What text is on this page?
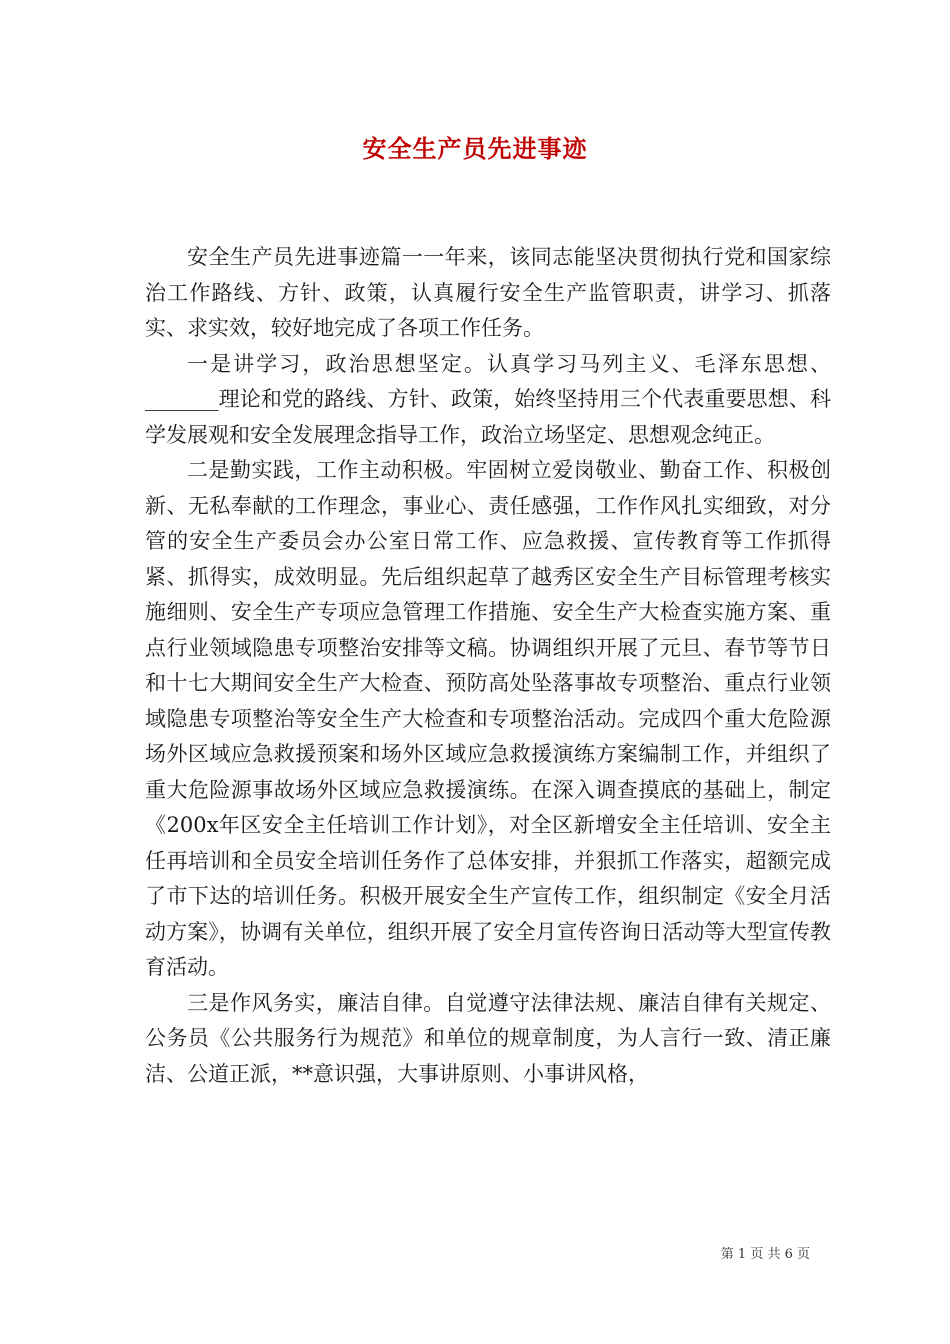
安全生产员先进事迹

安全生产员先进事迹篇一一年来，该同志能坚决贯彻执行党和国家综治工作路线、方针、政策，认真履行安全生产监管职责，讲学习、抓落实、求实效，较好地完成了各项工作任务。

一是讲学习，政治思想坚定。认真学习马列主义、毛泽东思想、_______理论和党的路线、方针、政策，始终坚持用三个代表重要思想、科学发展观和安全发展理念指导工作，政治立场坚定、思想观念纯正。

二是勤实践，工作主动积极。牢固树立爱岗敬业、勤奋工作、积极创新、无私奉献的工作理念，事业心、责任感强，工作作风扎实细致，对分管的安全生产委员会办公室日常工作、应急救援、宣传教育等工作抓得紧、抓得实，成效明显。先后组织起草了越秀区安全生产目标管理考核实施细则、安全生产专项应急管理工作措施、安全生产大检查实施方案、重点行业领域隐患专项整治安排等文稿。协调组织开展了元旦、春节等节日和十七大期间安全生产大检查、预防高处坠落事故专项整治、重点行业领域隐患专项整治等安全生产大检查和专项整治活动。完成四个重大危险源场外区域应急救援预案和场外区域应急救援演练方案编制工作，并组织了重大危险源事故场外区域应急救援演练。在深入调查摸底的基础上，制定《200x年区安全主任培训工作计划》，对全区新增安全主任培训、安全主任再培训和全员安全培训任务作了总体安排，并狠抓工作落实，超额完成了市下达的培训任务。积极开展安全生产宣传工作，组织制定《安全月活动方案》，协调有关单位，组织开展了安全月宣传咨询日活动等大型宣传教育活动。

三是作风务实，廉洁自律。自觉遵守法律法规、廉洁自律有关规定、公务员《公共服务行为规范》和单位的规章制度，为人言行一致、清正廉洁、公道正派，**意识强，大事讲原则、小事讲风格，

第 1 页 共 6 页
